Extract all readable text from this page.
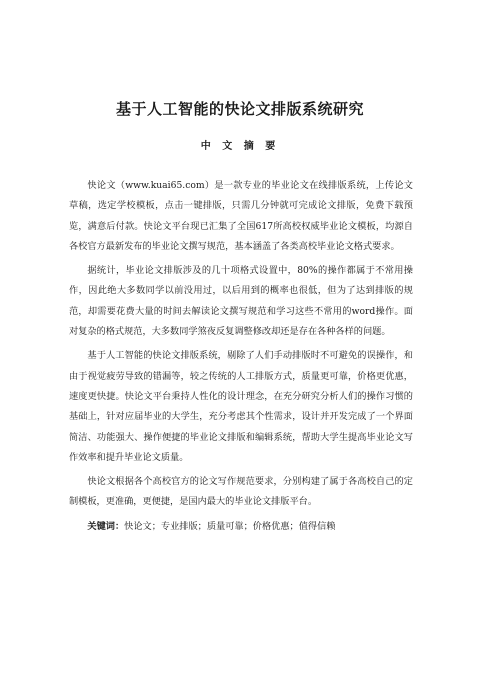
基于人工智能的快论文排版系统研究
中 文 摘 要

快论文（www.kuai65.com）是一款专业的毕业论文在线排版系统，上传论文草稿，选定学校模板，点击一键排版，只需几分钟就可完成论文排版，免费下载预览，满意后付款。快论文平台现已汇集了全国617所高校权威毕业论文模板，均源自各校官方最新发布的毕业论文撰写规范，基本涵盖了各类高校毕业论文格式要求。

据统计，毕业论文排版涉及的几十项格式设置中，80%的操作都属于不常用操作，因此绝大多数同学以前没用过，以后用到的概率也很低，但为了达到排版的规范，却需要花费大量的时间去解读论文撰写规范和学习这些不常用的word操作。面对复杂的格式规范，大多数同学煞夜反复调整修改却还是存在各种各样的问题。

基于人工智能的快论文排版系统，剔除了人们手动排版时不可避免的误操作，和由于视觉疲劳导致的错漏等，较之传统的人工排版方式，质量更可靠，价格更优惠，速度更快捷。快论文平台秉持人性化的设计理念，在充分研究分析人们的操作习惯的基础上，针对应届毕业的大学生，充分考虑其个性需求，设计并开发完成了一个界面简洁、功能强大、操作便捷的毕业论文排版和编辑系统，帮助大学生提高毕业论文写作效率和提升毕业论文质量。

快论文根据各个高校官方的论文写作规范要求，分别构建了属于各高校自己的定制模板，更准确，更便捷，是国内最大的毕业论文排版平台。

关键词：快论文；专业排版；质量可靠；价格优惠；值得信赖
